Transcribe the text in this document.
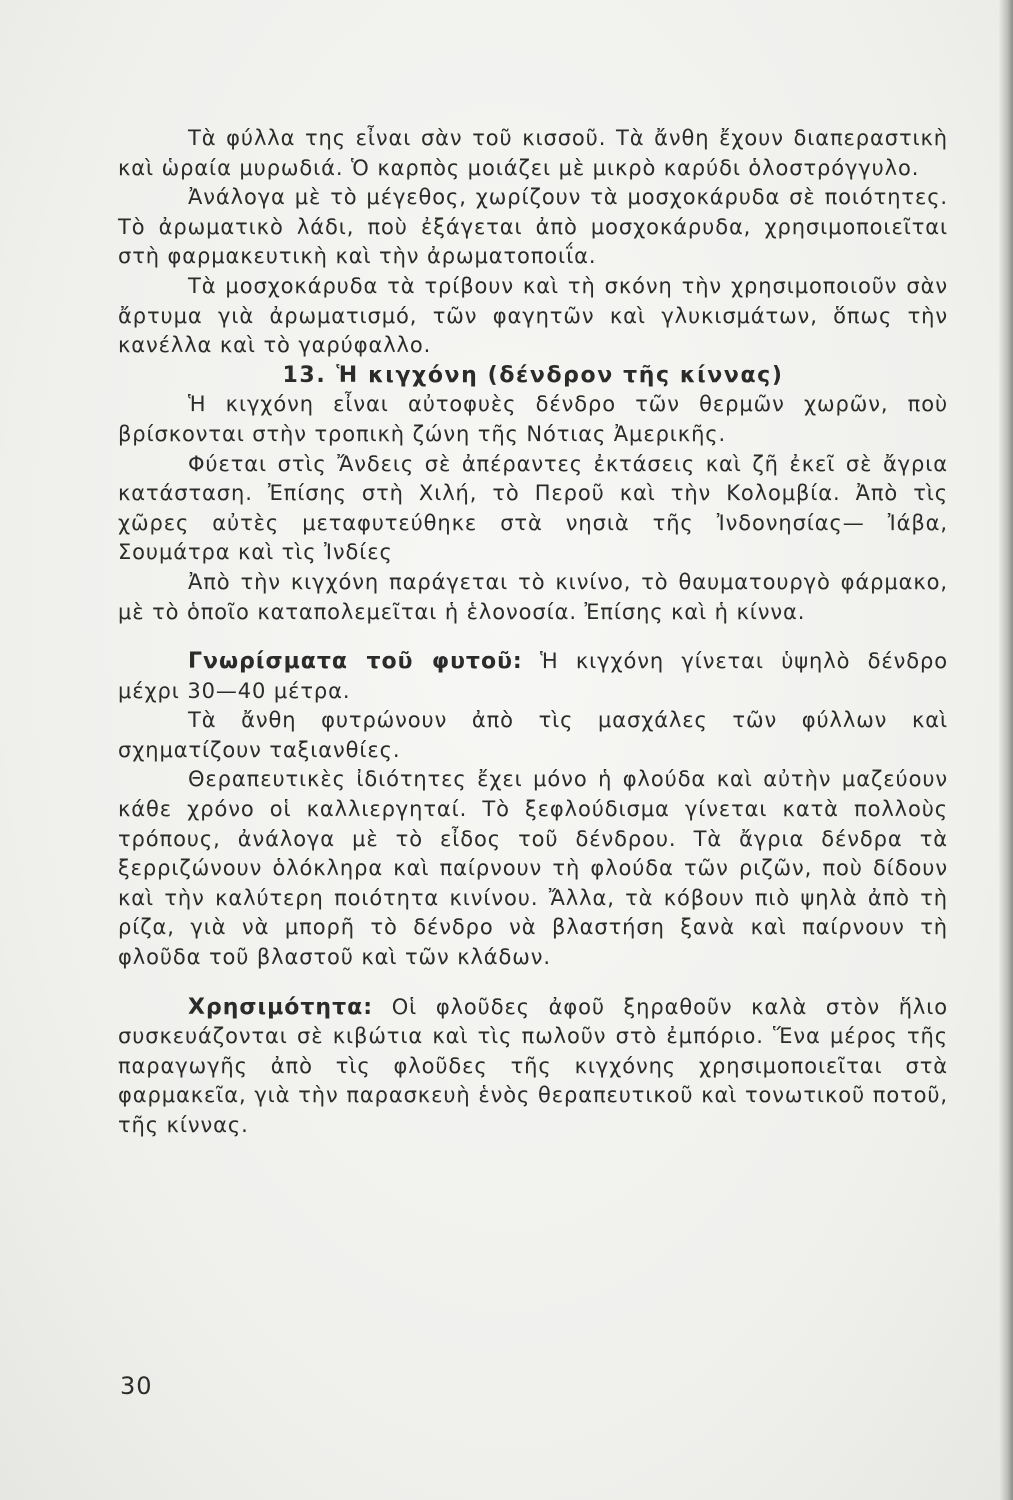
Τὰ φύλλα της εἶναι σὰν τοῦ κισσοῦ. Τὰ ἄνθη ἔχουν διαπεραστικὴ καὶ ὡραία μυρωδιά. Ὁ καρπὸς μοιάζει μὲ μικρὸ καρύδι ὁλοστρόγγυλο.

Ἀνάλογα μὲ τὸ μέγεθος, χωρίζουν τὰ μοσχοκάρυδα σὲ ποιότητες. Τὸ ἀρωματικὸ λάδι, ποὺ ἐξάγεται ἀπὸ μοσχοκάρυδα, χρησιμοποιεῖται στὴ φαρμακευτικὴ καὶ τὴν ἀρωματοποιΐα.

Τὰ μοσχοκάρυδα τὰ τρίβουν καὶ τὴ σκόνη τὴν χρησιμοποιοῦν σὰν ἄρτυμα γιὰ ἀρωματισμό, τῶν φαγητῶν καὶ γλυκισμάτων, ὅπως τὴν κανέλλα καὶ τὸ γαρύφαλλο.

13. Ἡ κιγχόνη (δένδρον τῆς κίννας)

Ἡ κιγχόνη εἶναι αὐτοφυὲς δένδρο τῶν θερμῶν χωρῶν, ποὺ βρίσκονται στὴν τροπικὴ ζώνη τῆς Νότιας Ἀμερικῆς.

Φύεται στὶς Ἄνδεις σὲ ἀπέραντες ἐκτάσεις καὶ ζῆ ἐκεῖ σὲ ἄγρια κατάσταση. Ἐπίσης στὴ Χιλή, τὸ Περοῦ καὶ τὴν Κολομβία. Ἀπὸ τὶς χῶρες αὐτὲς μεταφυτεύθηκε στὰ νησιὰ τῆς Ἰνδονησίας— Ἰάβα, Σουμάτρα καὶ τὶς Ἰνδίες

Ἀπὸ τὴν κιγχόνη παράγεται τὸ κινίνο, τὸ θαυματουργὸ φάρμακο, μὲ τὸ ὁποῖο καταπολεμεῖται ἡ ἑλονοσία. Ἐπίσης καὶ ἡ κίννα.

Γνωρίσματα τοῦ φυτοῦ: Ἡ κιγχόνη γίνεται ὑψηλὸ δένδρο μέχρι 30—40 μέτρα.

Τὰ ἄνθη φυτρώνουν ἀπὸ τὶς μασχάλες τῶν φύλλων καὶ σχηματίζουν ταξιανθίες.

Θεραπευτικὲς ἰδιότητες ἔχει μόνο ἡ φλούδα καὶ αὐτὴν μαζεύουν κάθε χρόνο οἱ καλλιεργηταί. Τὸ ξεφλούδισμα γίνεται κατὰ πολλοὺς τρόπους, ἀνάλογα μὲ τὸ εἶδος τοῦ δένδρου. Τὰ ἄγρια δένδρα τὰ ξερριζώνουν ὁλόκληρα καὶ παίρνουν τὴ φλούδα τῶν ριζῶν, ποὺ δίδουν καὶ τὴν καλύτερη ποιότητα κινίνου. Ἄλλα, τὰ κόβουν πιὸ ψηλὰ ἀπὸ τὴ ρίζα, γιὰ νὰ μπορῆ τὸ δένδρο νὰ βλαστήση ξανὰ καὶ παίρνουν τὴ φλοῦδα τοῦ βλαστοῦ καὶ τῶν κλάδων.

Χρησιμότητα: Οἱ φλοῦδες ἀφοῦ ξηραθοῦν καλὰ στὸν ἥλιο συσκευάζονται σὲ κιβώτια καὶ τὶς πωλοῦν στὸ ἐμπόριο. Ἕνα μέρος τῆς παραγωγῆς ἀπὸ τὶς φλοῦδες τῆς κιγχόνης χρησιμοποιεῖται στὰ φαρμακεῖα, γιὰ τὴν παρασκευὴ ἑνὸς θεραπευτικοῦ καὶ τονωτικοῦ ποτοῦ, τῆς κίννας.

30
